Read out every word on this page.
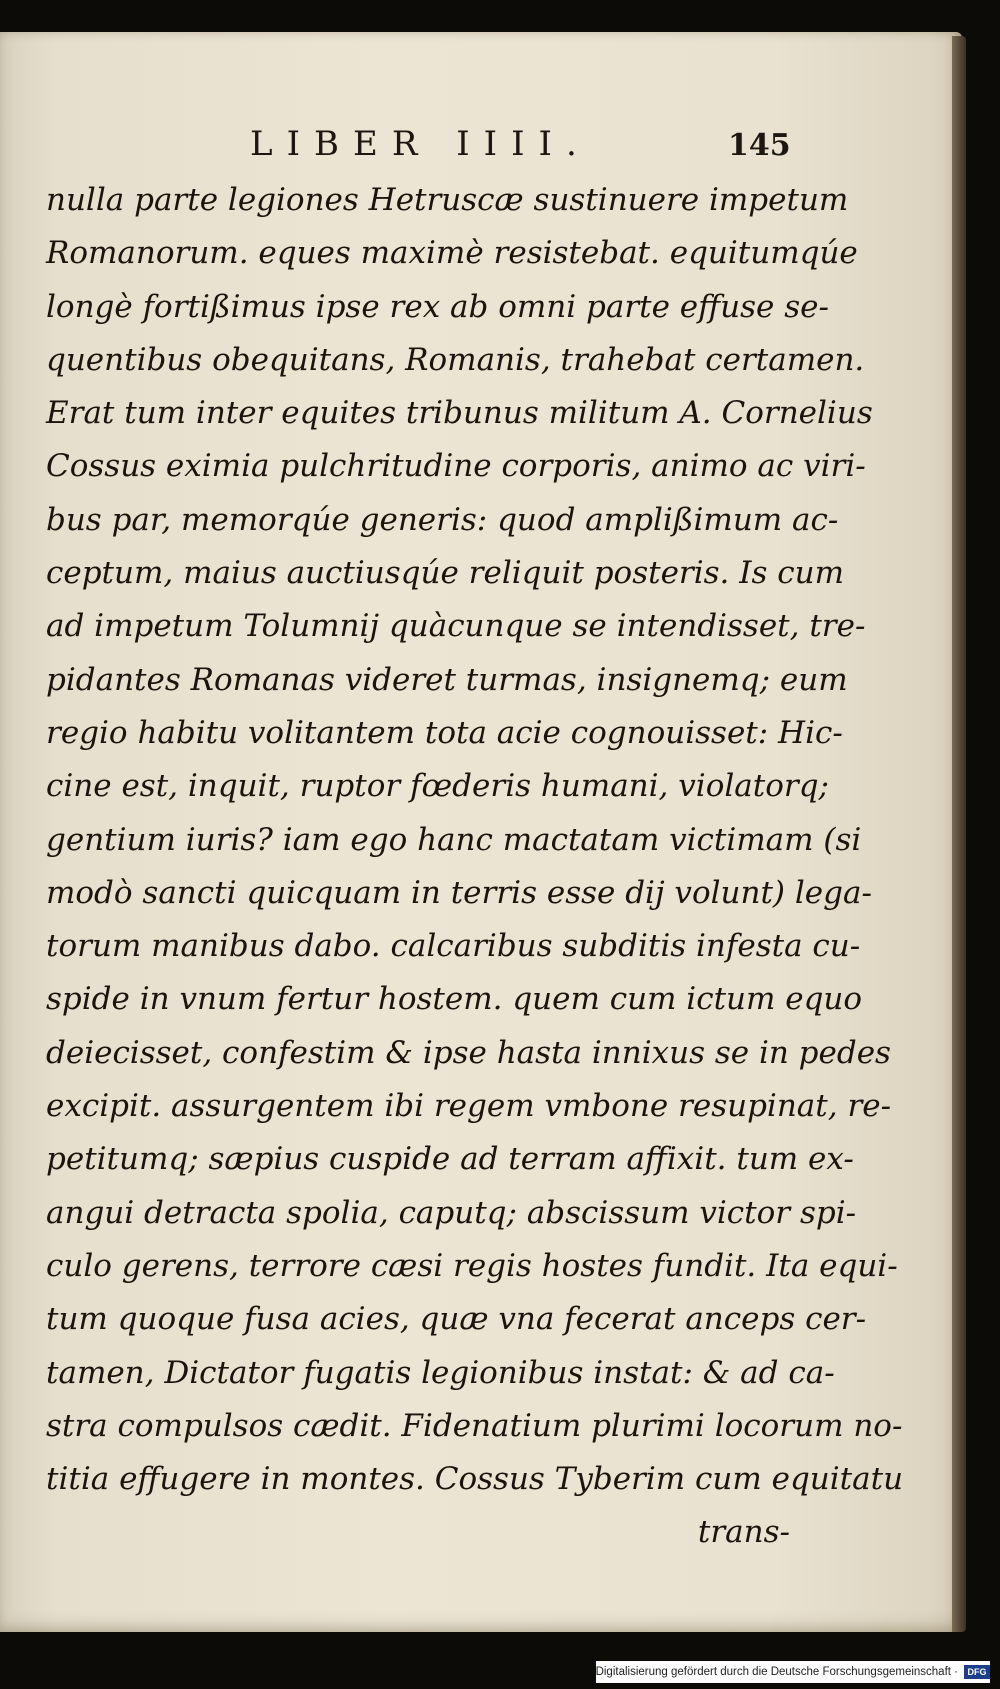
LIBER IIII.	145
nulla parte legiones Hetruscæ sustinuere impetum
Romanorum. eques maximè resistebat. equitumqúe
longè fortißimus ipse rex ab omni parte effuse se-
quentibus obequitans, Romanis, trahebat certamen.
Erat tum inter equites tribunus militum A. Cornelius
Cossus eximia pulchritudine corporis, animo ac viri-
bus par, memorqúe generis: quod amplißimum ac-
ceptum, maius auctiusqúe reliquit posteris. Is cum
ad impetum Tolumnij quàcunque se intendisset, tre-
pidantes Romanas videret turmas, insignemq; eum
regio habitu volitantem tota acie cognouisset: Hic-
cine est, inquit, ruptor fœderis humani, violatorq;
gentium iuris? iam ego hanc mactatam victimam (si
modò sancti quicquam in terris esse dij volunt) lega-
torum manibus dabo. calcaribus subditis infesta cu-
spide in vnum fertur hostem. quem cum ictum equo
deiecisset, confestim & ipse hasta innixus se in pedes
excipit. assurgentem ibi regem vmbone resupinat, re-
petitumq; sæpius cuspide ad terram affixit. tum ex-
angui detracta spolia, caputq; abscissum victor spi-
culo gerens, terrore cæsi regis hostes fundit. Ita equi-
tum quoque fusa acies, quæ vna fecerat anceps cer-
tamen, Dictator fugatis legionibus instat: & ad ca-
stra compulsos cædit. Fidenatium plurimi locorum no-
titia effugere in montes. Cossus Tyberim cum equitatu
trans-
Digitalisierung gefördert durch die Deutsche Forschungsgemeinschaft ·	DFG
